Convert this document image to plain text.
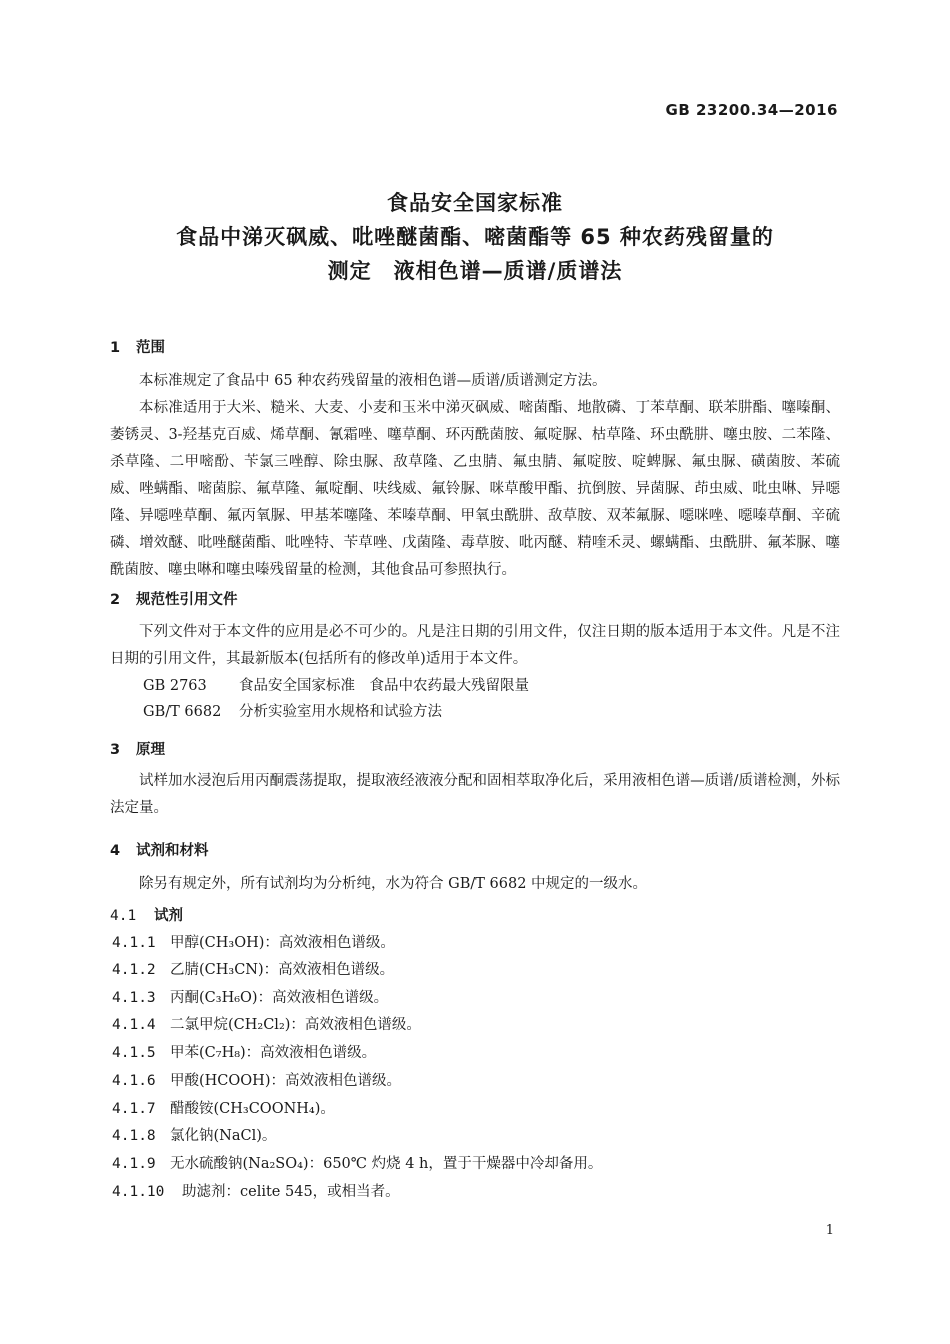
GB 23200.34—2016
食品安全国家标准
食品中涕灭砜威、吡唑醚菌酯、嘧菌酯等 65 种农药残留量的
测定　液相色谱—质谱/质谱法
1 范围
本标准规定了食品中 65 种农药残留量的液相色谱—质谱/质谱测定方法。
本标准适用于大米、糙米、大麦、小麦和玉米中涕灭砜威、嘧菌酯、地散磷、丁苯草酮、联苯肼酯、噻嗪酮、萎锈灵、3-羟基克百威、烯草酮、氰霜唑、噻草酮、环丙酰菌胺、氟啶脲、枯草隆、环虫酰肼、噻虫胺、二苯隆、杀草隆、二甲嘧酚、苄氯三唑醇、除虫脲、敌草隆、乙虫腈、氟虫腈、氟啶胺、啶蜱脲、氟虫脲、磺菌胺、苯硫威、唑螨酯、嘧菌腙、氟草隆、氟啶酮、呋线威、氟铃脲、咪草酸甲酯、抗倒胺、异菌脲、茚虫威、吡虫啉、异噁隆、异噁唑草酮、氟丙氧脲、甲基苯噻隆、苯嗪草酮、甲氧虫酰肼、敌草胺、双苯氟脲、噁咪唑、噁嗪草酮、辛硫磷、增效醚、吡唑醚菌酯、吡唑特、苄草唑、戊菌隆、毒草胺、吡丙醚、精喹禾灵、螺螨酯、虫酰肼、氟苯脲、噻酰菌胺、噻虫啉和噻虫嗪残留量的检测，其他食品可参照执行。
2 规范性引用文件
下列文件对于本文件的应用是必不可少的。凡是注日期的引用文件，仅注日期的版本适用于本文件。凡是不注日期的引用文件，其最新版本(包括所有的修改单)适用于本文件。
GB 2763 食品安全国家标准　食品中农药最大残留限量
GB/T 6682 分析实验室用水规格和试验方法
3 原理
试样加水浸泡后用丙酮震荡提取，提取液经液液分配和固相萃取净化后，采用液相色谱—质谱/质谱检测，外标法定量。
4 试剂和材料
除另有规定外，所有试剂均为分析纯，水为符合 GB/T 6682 中规定的一级水。
4.1 试剂
4.1.1 甲醇(CH₃OH)：高效液相色谱级。
4.1.2 乙腈(CH₃CN)：高效液相色谱级。
4.1.3 丙酮(C₃H₆O)：高效液相色谱级。
4.1.4 二氯甲烷(CH₂Cl₂)：高效液相色谱级。
4.1.5 甲苯(C₇H₈)：高效液相色谱级。
4.1.6 甲酸(HCOOH)：高效液相色谱级。
4.1.7 醋酸铵(CH₃COONH₄)。
4.1.8 氯化钠(NaCl)。
4.1.9 无水硫酸钠(Na₂SO₄)：650℃ 灼烧 4 h，置于干燥器中冷却备用。
4.1.10 助滤剂：celite 545，或相当者。
1
